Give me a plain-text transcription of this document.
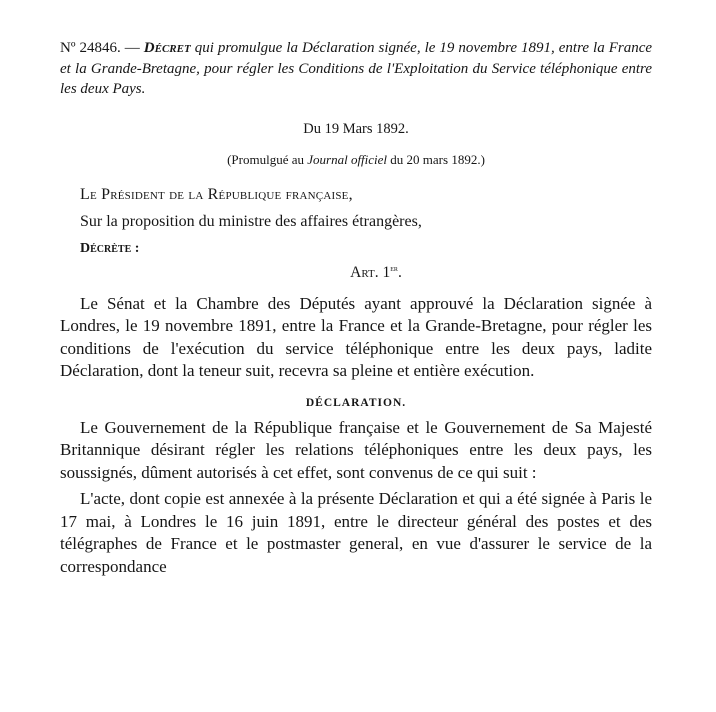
Nº 24846. — Décret qui promulgue la Déclaration signée, le 19 novembre 1891, entre la France et la Grande-Bretagne, pour régler les Conditions de l'Exploitation du Service téléphonique entre les deux Pays.

Du 19 Mars 1892.

(Promulgué au Journal officiel du 20 mars 1892.)

Le Président de la République française,

Sur la proposition du ministre des affaires étrangères,

Décrète :

Art. 1er.

Le Sénat et la Chambre des Députés ayant approuvé la Déclaration signée à Londres, le 19 novembre 1891, entre la France et la Grande-Bretagne, pour régler les conditions de l'exécution du service téléphonique entre les deux pays, ladite Déclaration, dont la teneur suit, recevra sa pleine et entière exécution.

DÉCLARATION.

Le Gouvernement de la République française et le Gouvernement de Sa Majesté Britannique désirant régler les relations téléphoniques entre les deux pays, les soussignés, dûment autorisés à cet effet, sont convenus de ce qui suit :

L'acte, dont copie est annexée à la présente Déclaration et qui a été signée à Paris le 17 mai, à Londres le 16 juin 1891, entre le directeur général des postes et des télégraphes de France et le postmaster general, en vue d'assurer le service de la correspondance
